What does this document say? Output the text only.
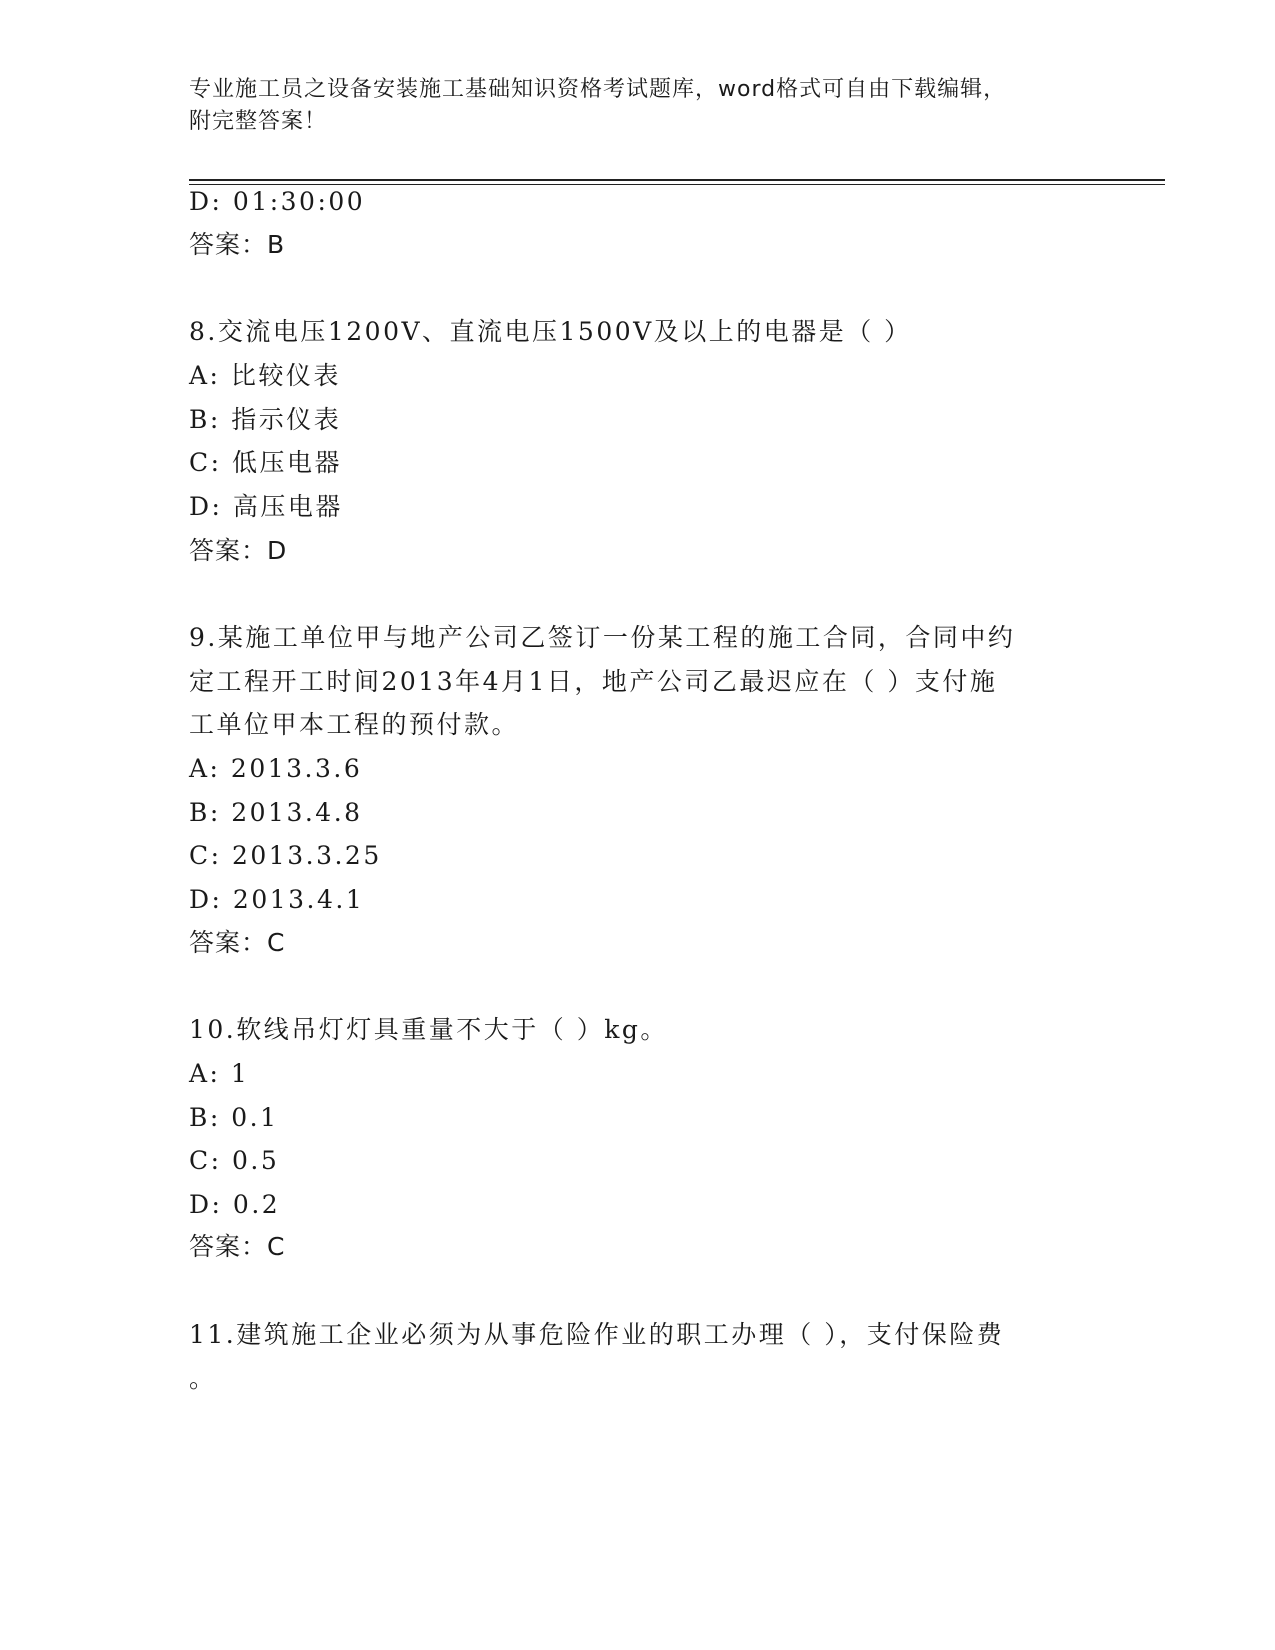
专业施工员之设备安装施工基础知识资格考试题库，word格式可自由下载编辑，
附完整答案！
D: 01:30:00
答案：B
8.交流电压1200V、直流电压1500V及以上的电器是（ ）
A: 比较仪表
B: 指示仪表
C: 低压电器
D: 高压电器
答案：D
9.某施工单位甲与地产公司乙签订一份某工程的施工合同，合同中约
定工程开工时间2013年4月1日，地产公司乙最迟应在（ ）支付施
工单位甲本工程的预付款。
A: 2013.3.6
B: 2013.4.8
C: 2013.3.25
D: 2013.4.1
答案：C
10.软线吊灯灯具重量不大于（ ）kg。
A: 1
B: 0.1
C: 0.5
D: 0.2
答案：C
11.建筑施工企业必须为从事危险作业的职工办理（ ），支付保险费
。
